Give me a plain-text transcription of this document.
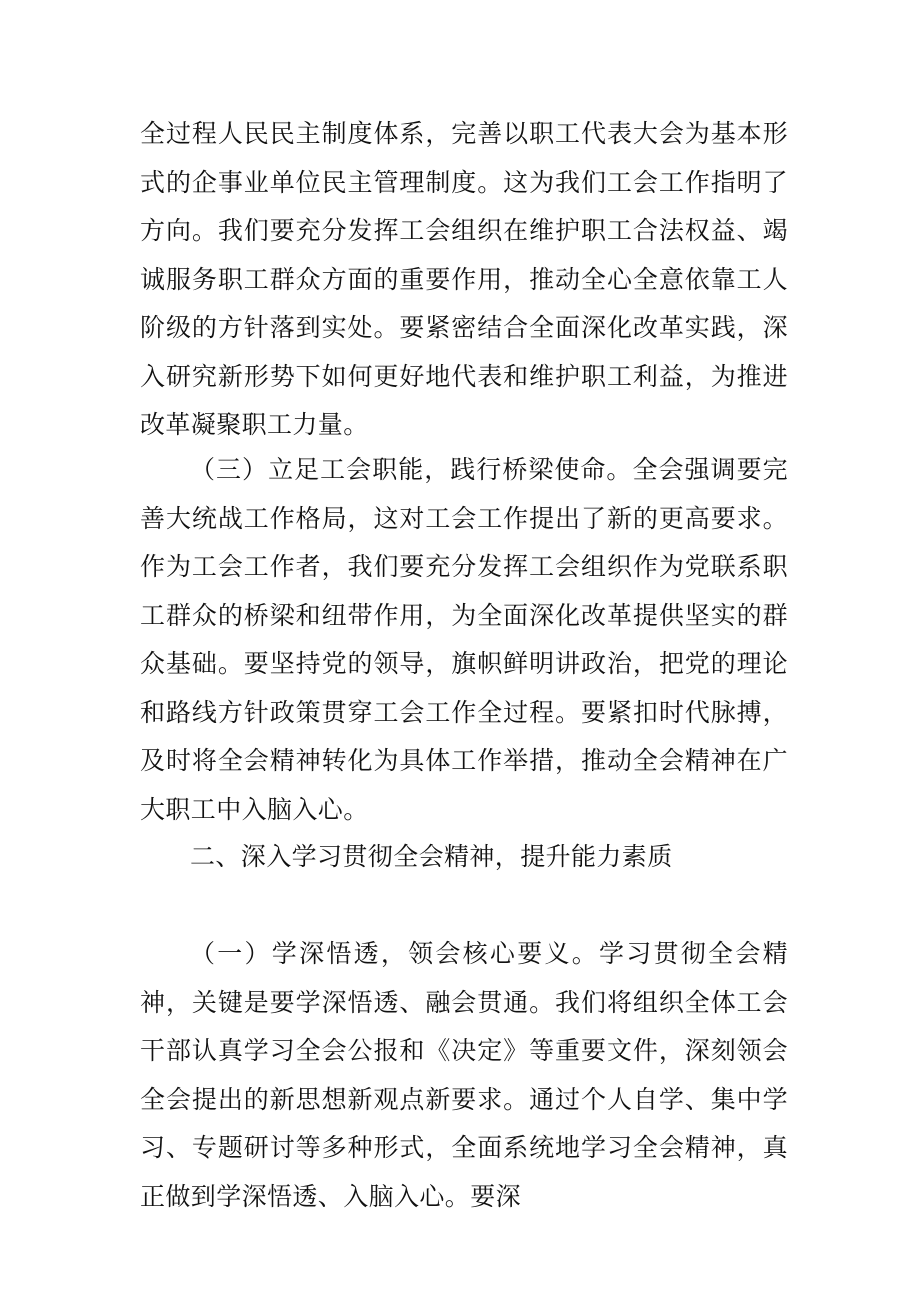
全过程人民民主制度体系，完善以职工代表大会为基本形式的企事业单位民主管理制度。这为我们工会工作指明了方向。我们要充分发挥工会组织在维护职工合法权益、竭诚服务职工群众方面的重要作用，推动全心全意依靠工人阶级的方针落到实处。要紧密结合全面深化改革实践，深入研究新形势下如何更好地代表和维护职工利益，为推进改革凝聚职工力量。

（三）立足工会职能，践行桥梁使命。全会强调要完善大统战工作格局，这对工会工作提出了新的更高要求。作为工会工作者，我们要充分发挥工会组织作为党联系职工群众的桥梁和纽带作用，为全面深化改革提供坚实的群众基础。要坚持党的领导，旗帜鲜明讲政治，把党的理论和路线方针政策贯穿工会工作全过程。要紧扣时代脉搏，及时将全会精神转化为具体工作举措，推动全会精神在广大职工中入脑入心。

二、深入学习贯彻全会精神，提升能力素质

（一）学深悟透，领会核心要义。学习贯彻全会精神，关键是要学深悟透、融会贯通。我们将组织全体工会干部认真学习全会公报和《决定》等重要文件，深刻领会全会提出的新思想新观点新要求。通过个人自学、集中学习、专题研讨等多种形式，全面系统地学习全会精神，真正做到学深悟透、入脑入心。要深
